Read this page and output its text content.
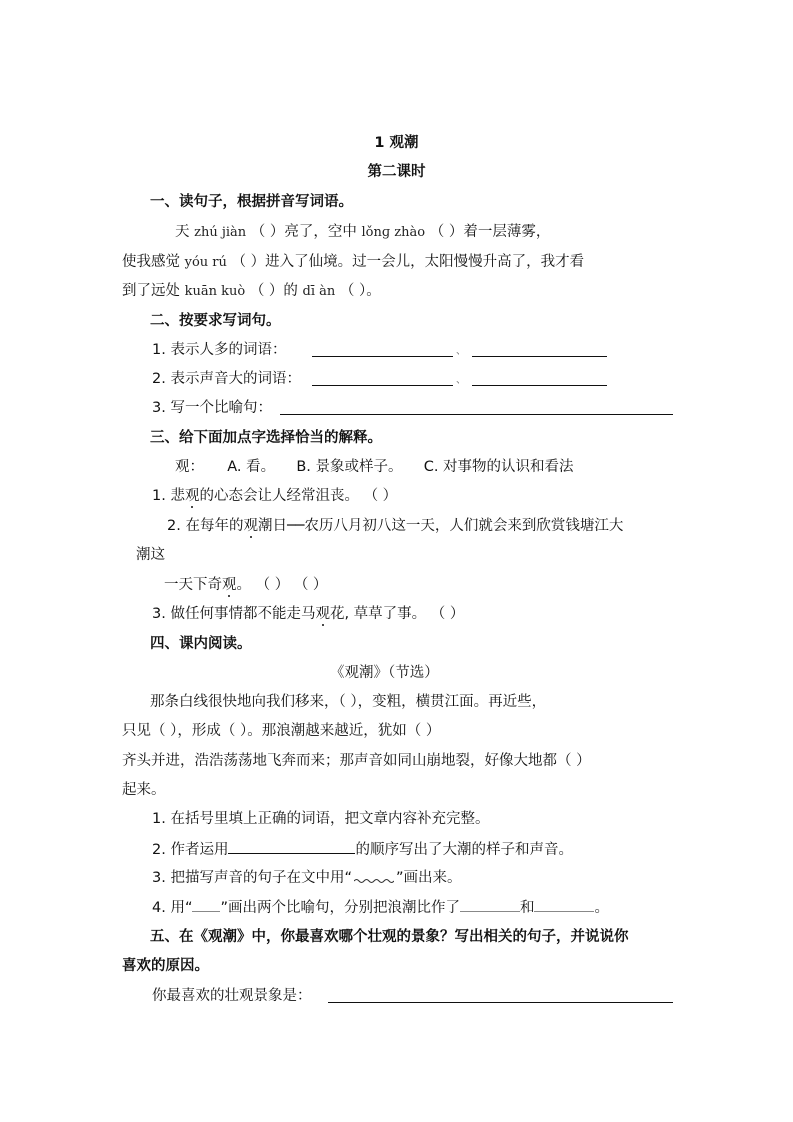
1 观潮
第二课时
一、读句子，根据拼音写词语。
天 zhú jiàn （ ）亮了，空中 lǒnɡ zhào （ ）着一层薄雾，
使我感觉 yóu rú （ ）进入了仙境。过一会儿，太阳慢慢升高了，我才看
到了远处 kuān kuò （ ）的 dī àn （ ）。
二、按要求写词句。
1. 表示人多的词语：	、
2. 表示声音大的词语：	、
3. 写一个比喻句：
三、给下面加点字选择恰当的解释。
观： A. 看。 B. 景象或样子。 C. 对事物的认识和看法
1. 悲观的心态会让人经常沮丧。 （ ）
2. 在每年的观潮日──农历八月初八这一天，人们就会来到欣赏钱塘江大
潮这
一天下奇观。 （ ） （ ）
3. 做任何事情都不能走马观花, 草草了事。 （ ）
四、课内阅读。
《观潮》（节选）
那条白线很快地向我们移来，（ ），变粗，横贯江面。再近些，
只见（ ），形成（ ）。那浪潮越来越近，犹如（ ）
齐头并进，浩浩荡荡地飞奔而来；那声音如同山崩地裂，好像大地都（ ）
起来。
1. 在括号里填上正确的词语，把文章内容补充完整。
2. 作者运用	的顺序写出了大潮的样子和声音。
3. 把描写声音的句子在文中用“	”画出来。
4. 用“ ”画出两个比喻句，分别把浪潮比作了	和	。
五、在《观潮》中，你最喜欢哪个壮观的景象？写出相关的句子，并说说你
喜欢的原因。
你最喜欢的壮观景象是：
